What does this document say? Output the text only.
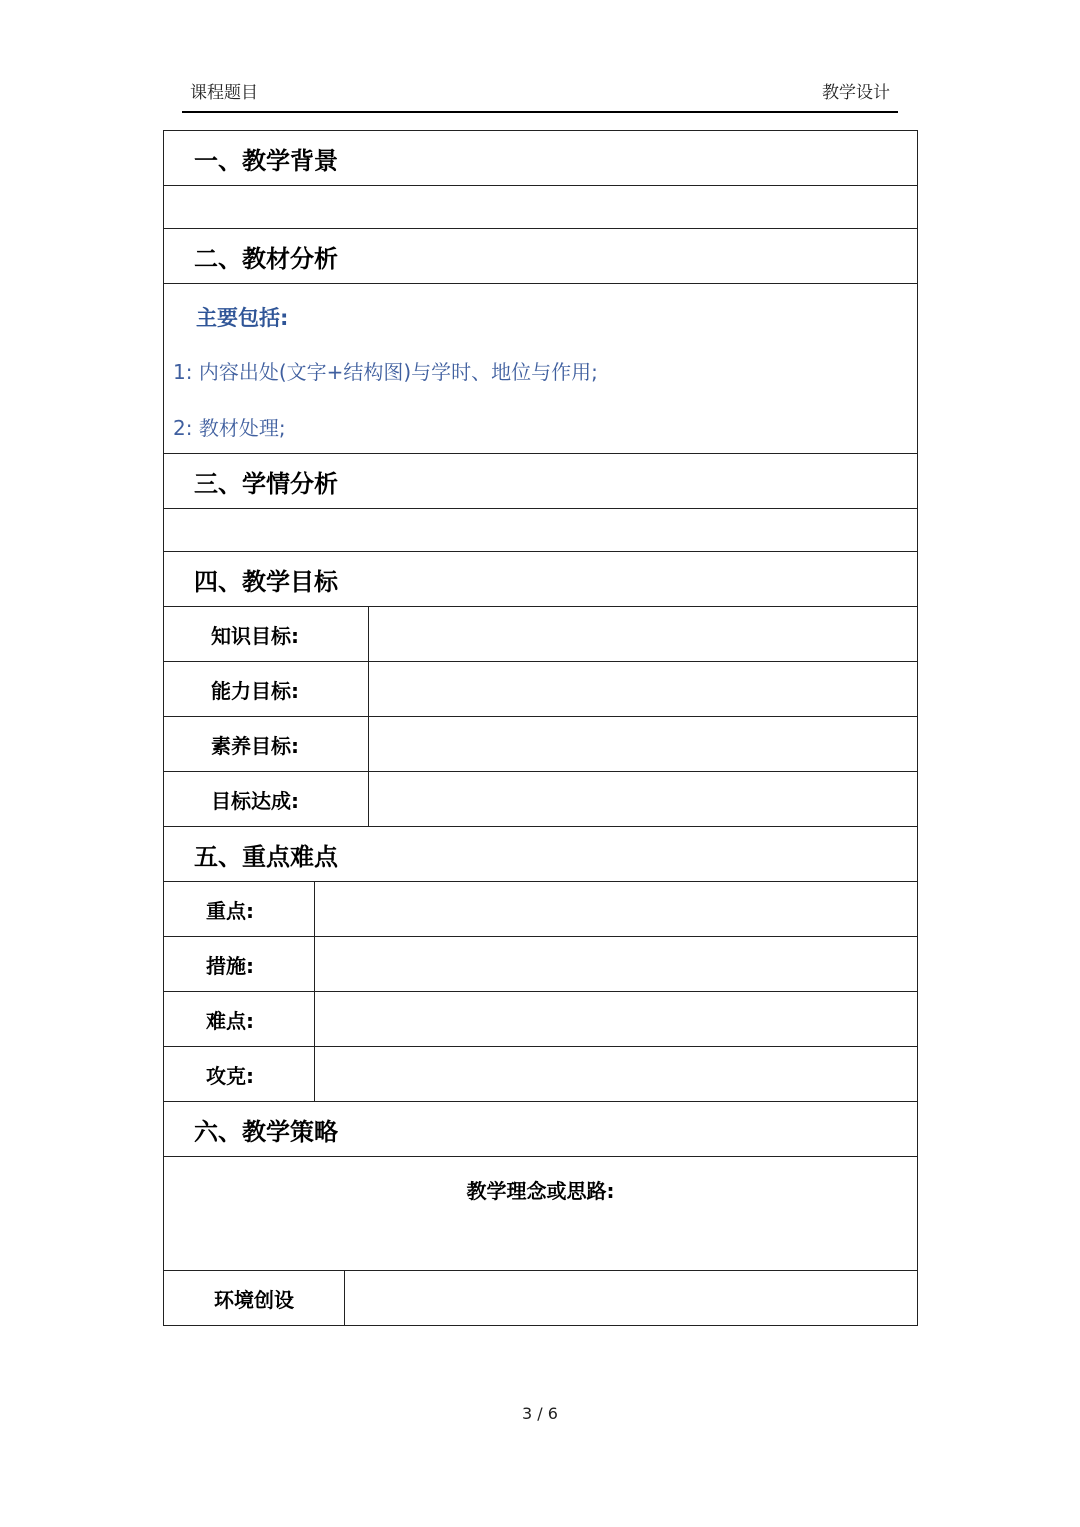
课程题目	教学设计
一、教学背景			

二、教材分析			

主要包括:
1: 内容出处(文字+结构图)与学时、地位与作用;
2: 教材处理;			

三、学情分析			

四、教学目标			
知识目标:			
能力目标:			
素养目标:			
目标达成:			
五、重点难点			
重点:			
措施:			
难点:			
攻克:			
六、教学策略			
教学理念或思路:			
环境创设			
3 / 6
